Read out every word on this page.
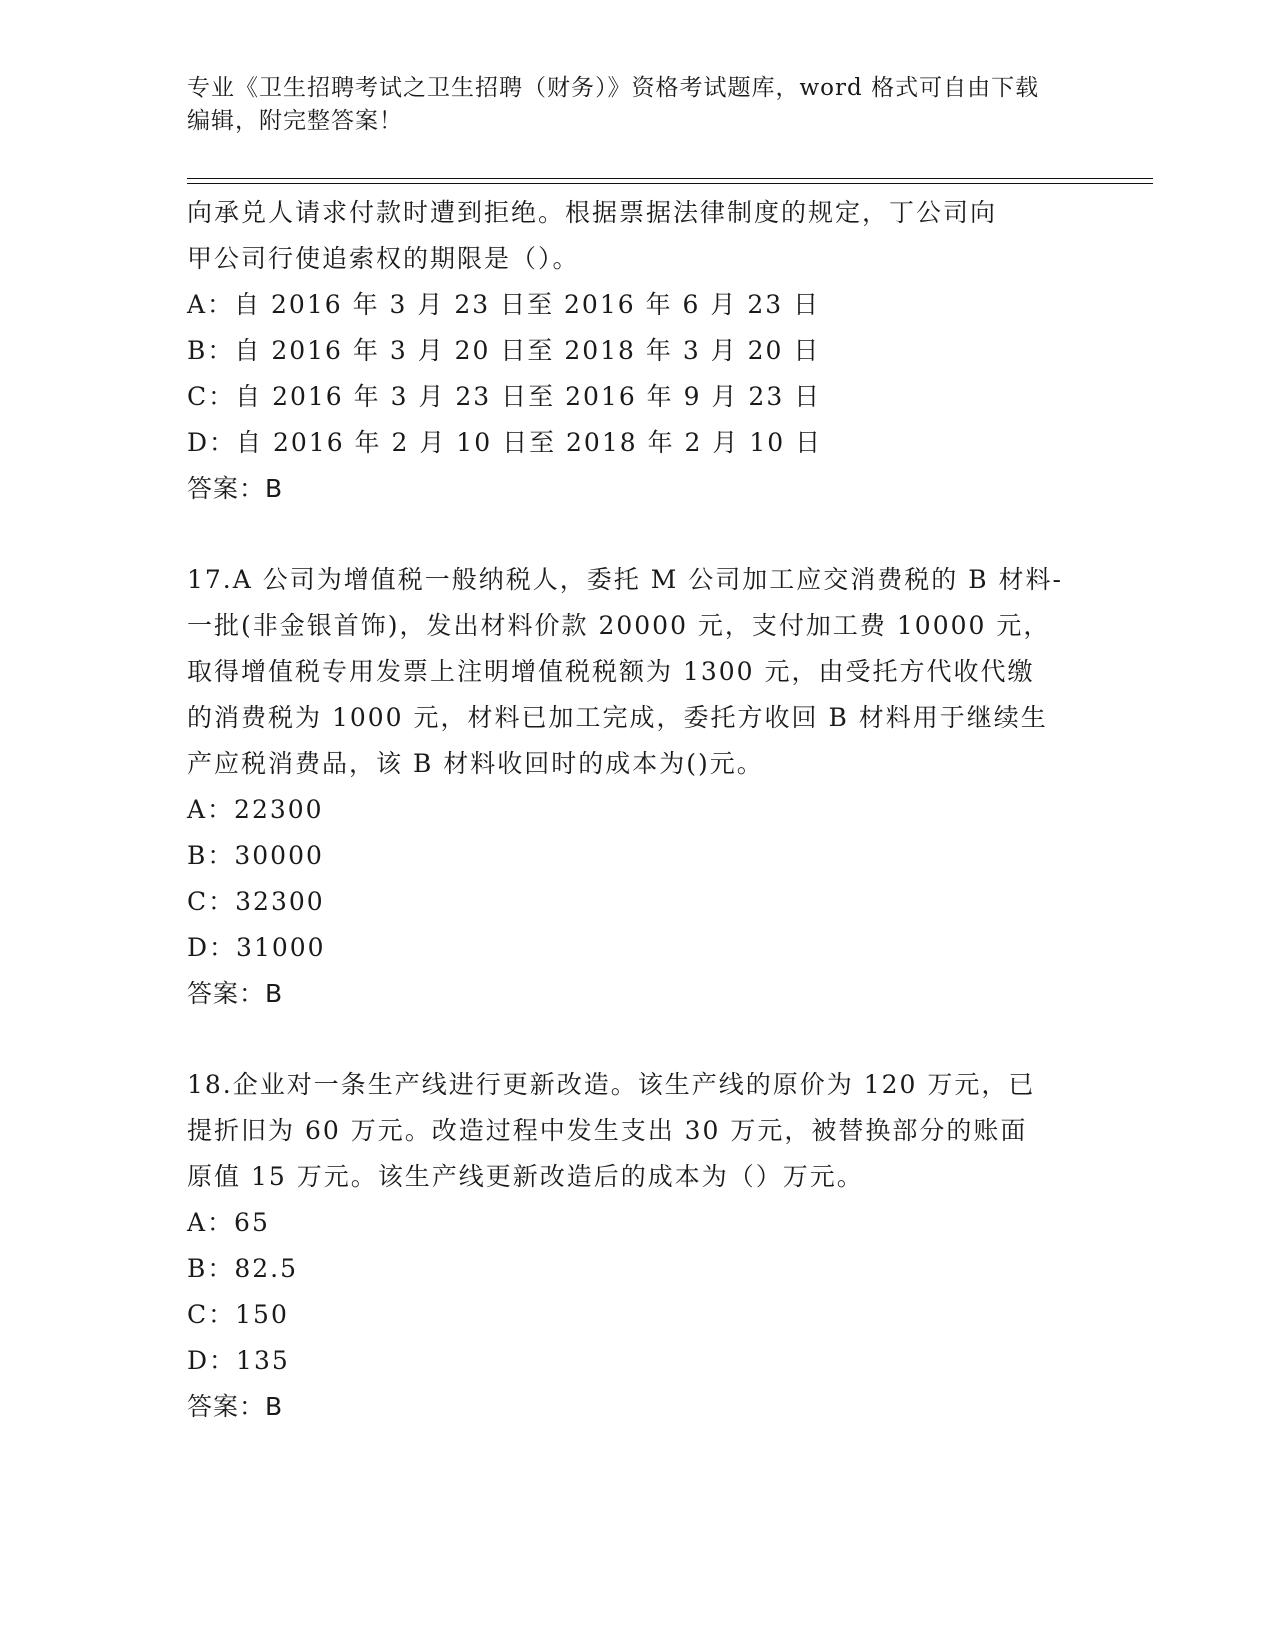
专业《卫生招聘考试之卫生招聘（财务）》资格考试题库，word 格式可自由下载
编辑，附完整答案！
向承兑人请求付款时遭到拒绝。根据票据法律制度的规定，丁公司向
甲公司行使追索权的期限是（）。
A：自 2016 年 3 月 23 日至 2016 年 6 月 23 日
B：自 2016 年 3 月 20 日至 2018 年 3 月 20 日
C：自 2016 年 3 月 23 日至 2016 年 9 月 23 日
D：自 2016 年 2 月 10 日至 2018 年 2 月 10 日
答案：B
17.A 公司为增值税一般纳税人，委托 M 公司加工应交消费税的 B 材料-
一批(非金银首饰)，发出材料价款 20000 元，支付加工费 10000 元，
取得增值税专用发票上注明增值税税额为 1300 元，由受托方代收代缴
的消费税为 1000 元，材料已加工完成，委托方收回 B 材料用于继续生
产应税消费品，该 B 材料收回时的成本为()元。
A：22300
B：30000
C：32300
D：31000
答案：B
18.企业对一条生产线进行更新改造。该生产线的原价为 120 万元，已
提折旧为 60 万元。改造过程中发生支出 30 万元，被替换部分的账面
原值 15 万元。该生产线更新改造后的成本为（）万元。
A：65
B：82.5
C：150
D：135
答案：B
